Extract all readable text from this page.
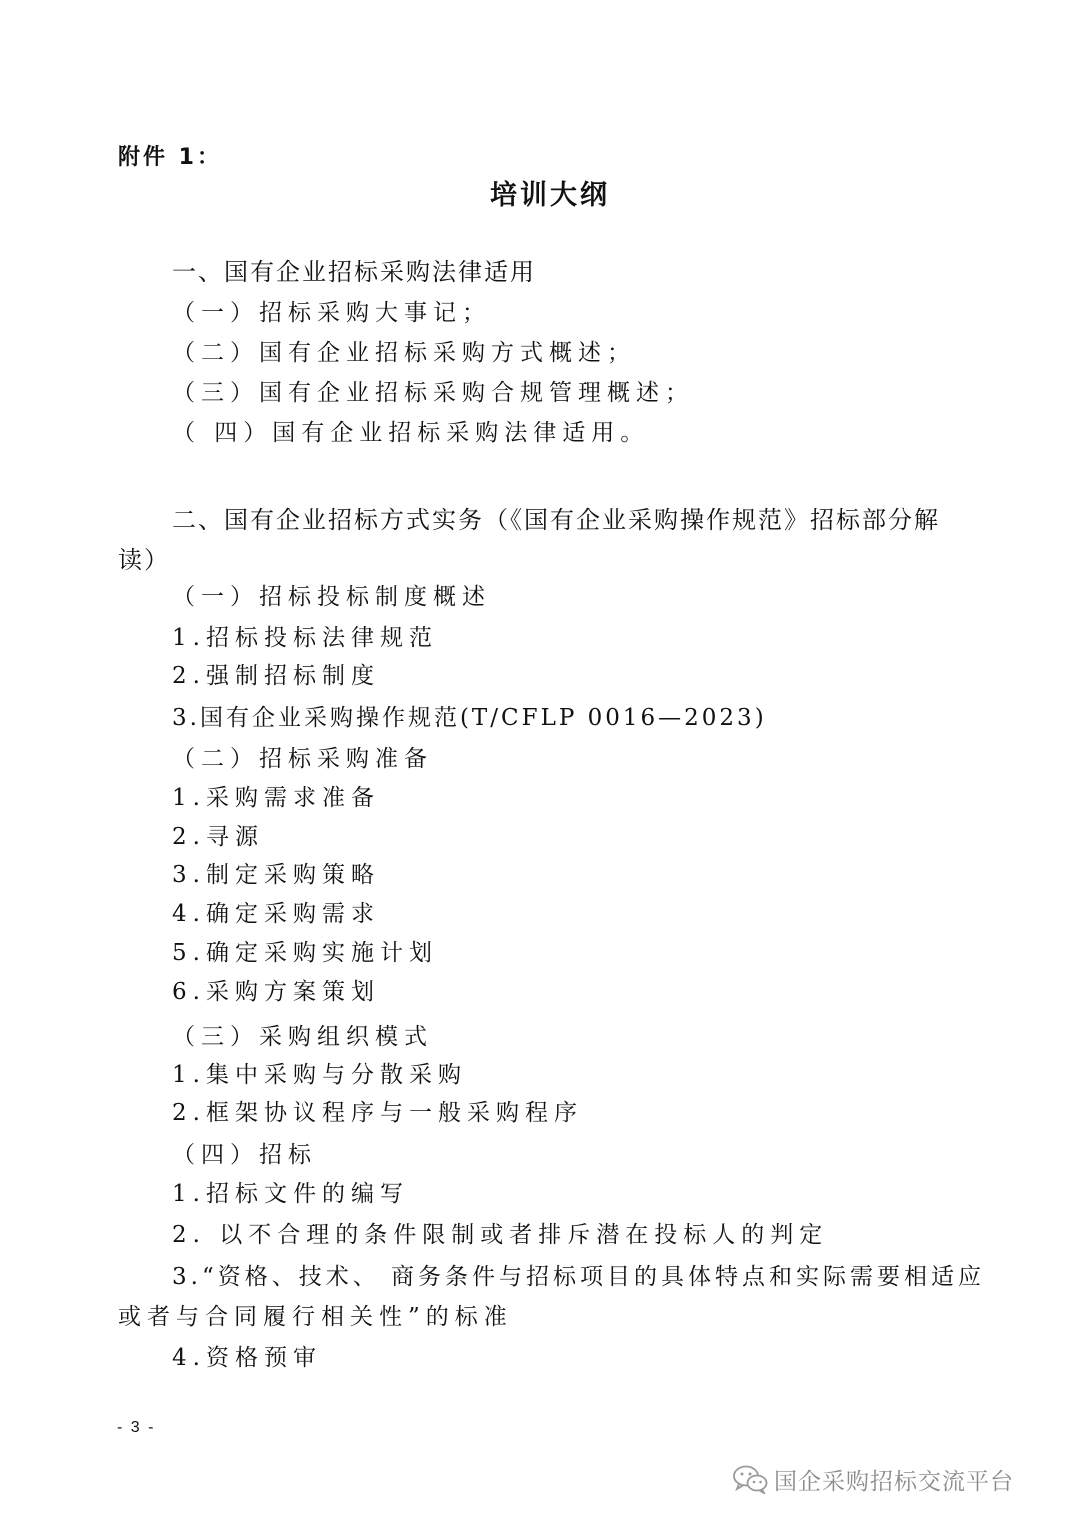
附件 1：
培训大纲
一、国有企业招标采购法律适用
（一）招标采购大事记；
（二）国有企业招标采购方式概述；
（三）国有企业招标采购合规管理概述；
（ 四）国有企业招标采购法律适用。
二、国有企业招标方式实务（《国有企业采购操作规范》招标部分解
读）
（一）招标投标制度概述
1.招标投标法律规范
2.强制招标制度
3.国有企业采购操作规范(T/CFLP 0016—2023)
（二）招标采购准备
1.采购需求准备
2.寻源
3.制定采购策略
4.确定采购需求
5.确定采购实施计划
6.采购方案策划
（三）采购组织模式
1.集中采购与分散采购
2.框架协议程序与一般采购程序
（四）招标
1.招标文件的编写
2. 以不合理的条件限制或者排斥潜在投标人的判定
3.“资格、技术、 商务条件与招标项目的具体特点和实际需要相适应
或者与合同履行相关性”的标准
4.资格预审
- 3 -
国企采购招标交流平台
